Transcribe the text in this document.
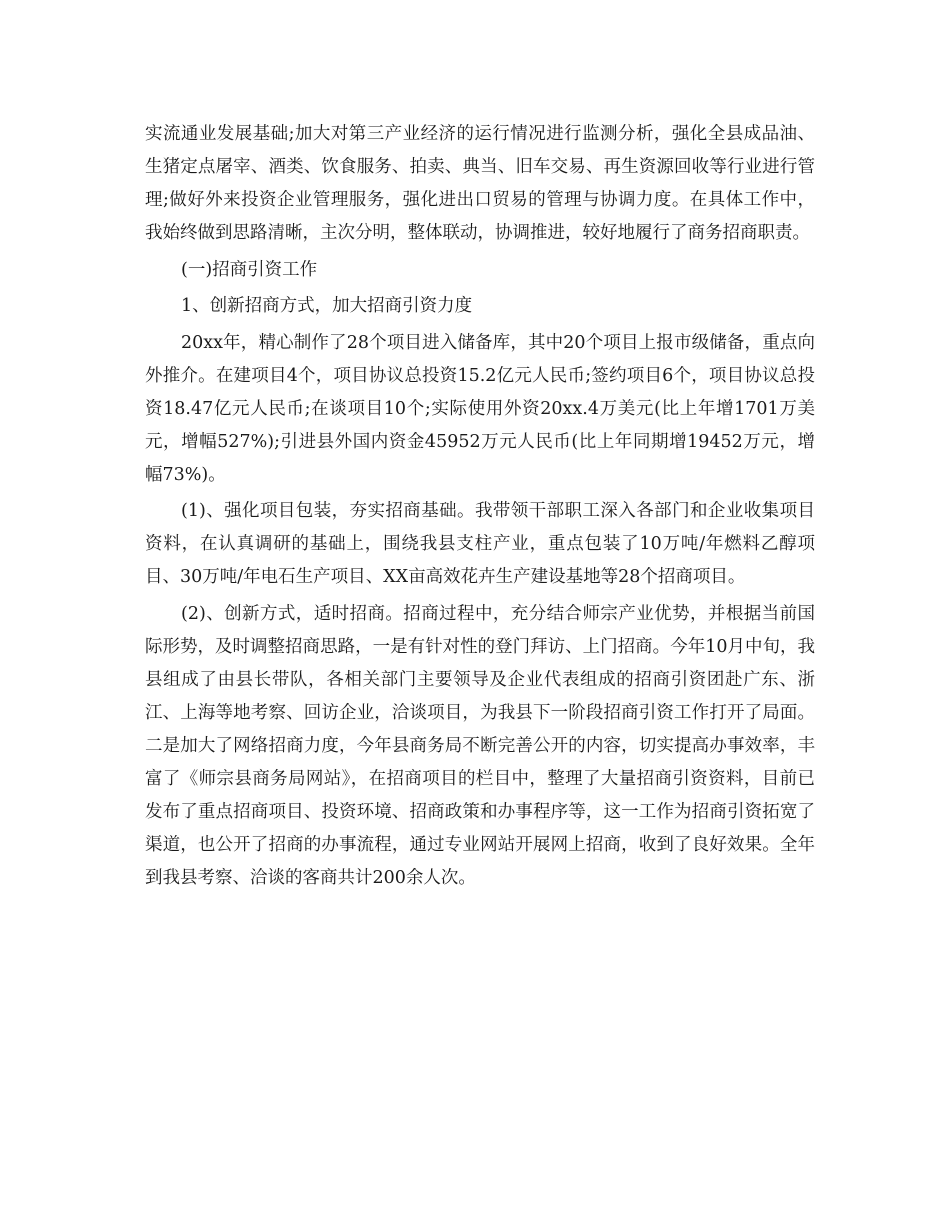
实流通业发展基础;加大对第三产业经济的运行情况进行监测分析，强化全县成品油、生猪定点屠宰、酒类、饮食服务、拍卖、典当、旧车交易、再生资源回收等行业进行管理;做好外来投资企业管理服务，强化进出口贸易的管理与协调力度。在具体工作中，我始终做到思路清晰，主次分明，整体联动，协调推进，较好地履行了商务招商职责。

(一)招商引资工作

1、创新招商方式，加大招商引资力度

20xx年，精心制作了28个项目进入储备库，其中20个项目上报市级储备，重点向外推介。在建项目4个，项目协议总投资15.2亿元人民币;签约项目6个，项目协议总投资18.47亿元人民币;在谈项目10个;实际使用外资20xx.4万美元(比上年增1701万美元，增幅527%);引进县外国内资金45952万元人民币(比上年同期增19452万元，增幅73%)。

(1)、强化项目包装，夯实招商基础。我带领干部职工深入各部门和企业收集项目资料，在认真调研的基础上，围绕我县支柱产业，重点包装了10万吨/年燃料乙醇项目、30万吨/年电石生产项目、XX亩高效花卉生产建设基地等28个招商项目。

(2)、创新方式，适时招商。招商过程中，充分结合师宗产业优势，并根据当前国际形势，及时调整招商思路，一是有针对性的登门拜访、上门招商。今年10月中旬，我县组成了由县长带队，各相关部门主要领导及企业代表组成的招商引资团赴广东、浙江、上海等地考察、回访企业，洽谈项目，为我县下一阶段招商引资工作打开了局面。二是加大了网络招商力度，今年县商务局不断完善公开的内容，切实提高办事效率，丰富了《师宗县商务局网站》，在招商项目的栏目中，整理了大量招商引资资料，目前已发布了重点招商项目、投资环境、招商政策和办事程序等，这一工作为招商引资拓宽了渠道，也公开了招商的办事流程，通过专业网站开展网上招商，收到了良好效果。全年到我县考察、洽谈的客商共计200余人次。
